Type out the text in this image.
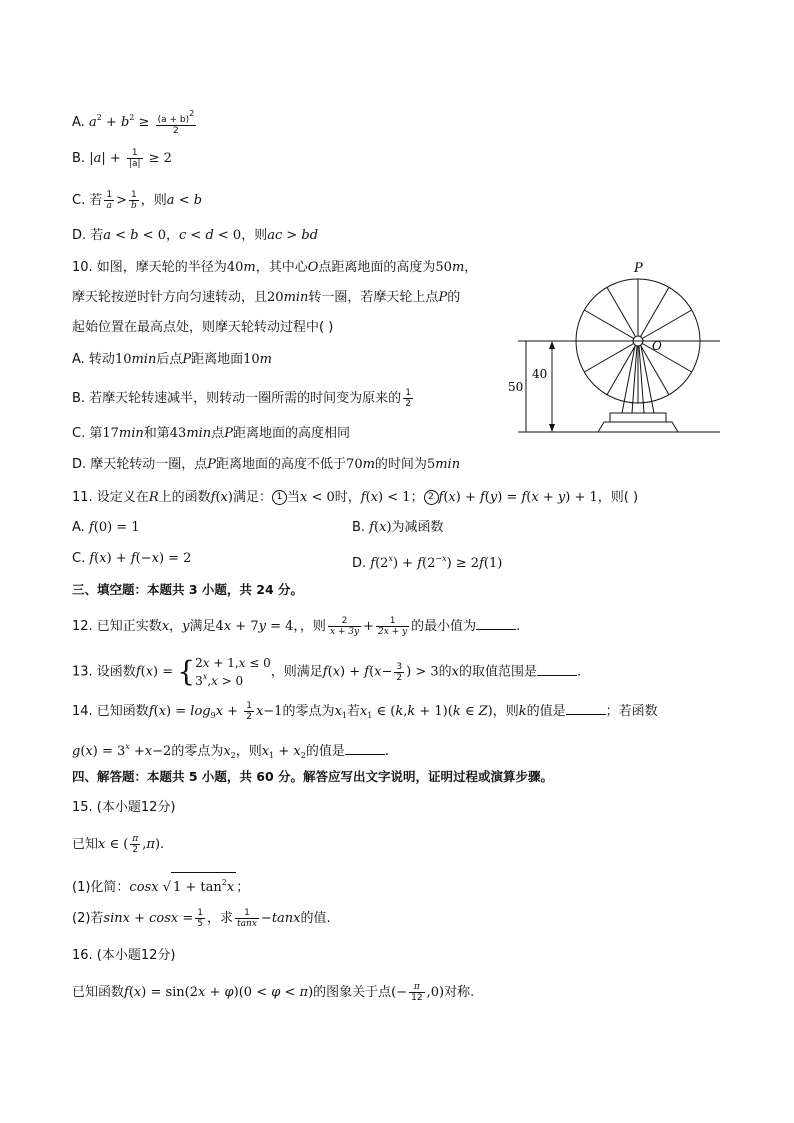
A. $a^2 + b^2 \ge \frac{(a + b)2}{2}$
B. $|a| + \frac{1}{|a|} \ge 2$
C. 若 $\frac{1}{a} > \frac{1}{b}$ ，则a < b
D. 若a < b < 0，c < d < 0，则ac > bd
10. 如图，摩天轮的半径为40m，其中心O点距离地面的高度为50m，
摩天轮按逆时针方向匀速转动，且20min转一圈，若摩天轮上点P的
起始位置在最高点处，则摩天轮转动过程中( )
A. 转动10min后点P距离地面10m
B. 若摩天轮转速减半，则转动一圈所需的时间变为原来的 $\frac{1}{2}$
C. 第17min和第43min点P距离地面的高度相同
D. 摩天轮转动一圈，点P距离地面的高度不低于70m的时间为5min
P
O
50
40
11. 设定义在R上的函数f(x)满足： 1 当x < 0时，f(x) < 1； 2 f(x) + f(y) = f(x + y) + 1，则( )
A. f(0) = 1	B. f(x)为减函数
C. f(x) + f(−x) = 2	D. $f(2^x) + f(2^{-x}) \ge 2f(1)$
三、填空题：本题共 3 小题，共 24 分。
12. 已知正实数x，y满足4x + 7y = 4，，则 $\frac{2}{x + 3y} + \frac{1}{2x + y}$ 的最小值为	.
13. 设函数f(x) = {2x + 1,x ≤ 0
$3^x,x > 0$，则满足$f(x) + f(x- \frac{3}{2}$ ) > 3的x的取值范围是	.
14. 已知函数$f(x) = \log_9x + \frac{1}{2} x-1$的零点为$x_1$若$x_1$ ∈ (k,k + 1)(k ∈ Z)，则k的值是	；若函数
$g(x) = 3^x +x-2$的零点为$x_2$，则$x_1 + x_2$的值是	.
四、解答题：本题共 5 小题，共 60 分。解答应写出文字说明，证明过程或演算步骤。
15. (本小题12分)
已知x ∈ ( $\frac{\pi}{2} ,\pi$).
(1)化简：cosx √ $1 + \tan^2x$ ；
(2)若$\sin x + \cos x = \frac{1}{5}$ ，求 $\frac{1}{\tan x} -\tan x$的值.
16. (本小题12分)
已知函数f(x) = sin(2x + φ)(0 < φ < π)的图象关于点(− $\frac{\pi}{12} ,0$)对称.
